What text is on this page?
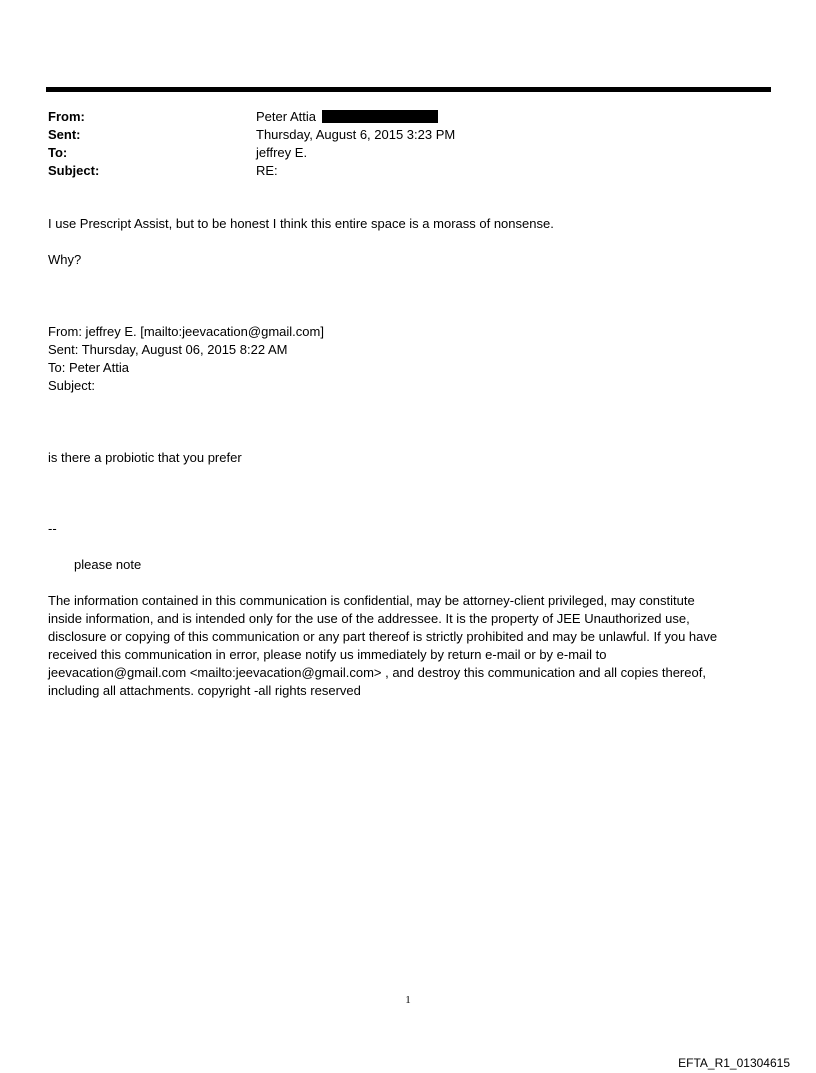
From:	Peter Attia
Sent:	Thursday, August 6, 2015 3:23 PM
To:	jeffrey E.
Subject:	RE:
I use Prescript Assist, but to be honest I think this entire space is a morass of nonsense.
Why?
From: jeffrey E. [mailto:jeevacation@gmail.com]
Sent: Thursday, August 06, 2015 8:22 AM
To: Peter Attia
Subject:
is there a probiotic that you prefer
--
please note
The information contained in this communication is confidential, may be attorney-client privileged, may constitute
inside information, and is intended only for the use of the addressee. It is the property of JEE Unauthorized use,
disclosure or copying of this communication or any part thereof is strictly prohibited and may be unlawful. If you have
received this communication in error, please notify us immediately by return e-mail or by e-mail to
jeevacation@gmail.com <mailto:jeevacation@gmail.com> , and destroy this communication and all copies thereof,
including all attachments. copyright -all rights reserved
1
EFTA_R1_01304615
